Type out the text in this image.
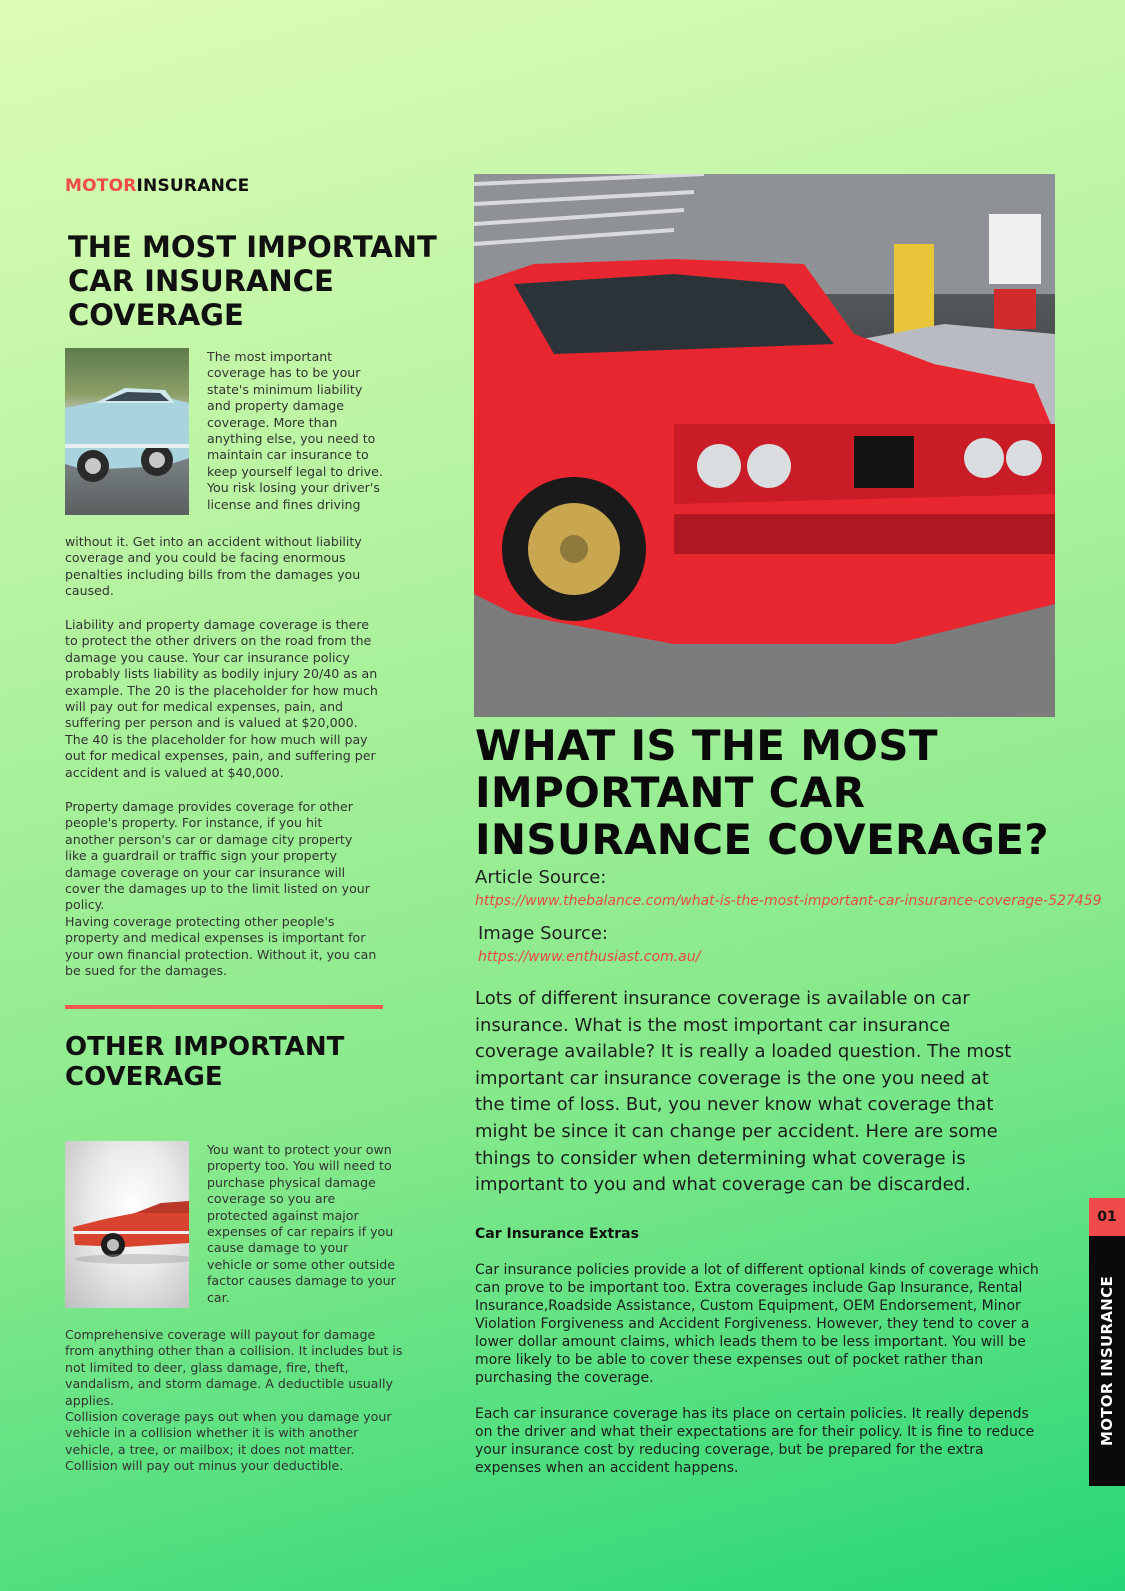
MOTORINSURANCE
THE MOST IMPORTANT CAR INSURANCE COVERAGE

The most important coverage has to be your state's minimum liability and property damage coverage. More than anything else, you need to maintain car insurance to keep yourself legal to drive. You risk losing your driver's license and fines driving

without it. Get into an accident without liability coverage and you could be facing enormous penalties including bills from the damages you caused.

Liability and property damage coverage is there to protect the other drivers on the road from the damage you cause. Your car insurance policy probably lists liability as bodily injury 20/40 as an example. The 20 is the placeholder for how much will pay out for medical expenses, pain, and suffering per person and is valued at $20,000. The 40 is the placeholder for how much will pay out for medical expenses, pain, and suffering per accident and is valued at $40,000.

Property damage provides coverage for other people's property. For instance, if you hit another person's car or damage city property like a guardrail or traffic sign your property damage coverage on your car insurance will cover the damages up to the limit listed on your policy.

Having coverage protecting other people's property and medical expenses is important for your own financial protection. Without it, you can be sued for the damages.

OTHER IMPORTANT COVERAGE

You want to protect your own property too. You will need to purchase physical damage coverage so you are protected against major expenses of car repairs if you cause damage to your vehicle or some other outside factor causes damage to your car.

Comprehensive coverage will payout for damage from anything other than a collision. It includes but is not limited to deer, glass damage, fire, theft, vandalism, and storm damage. A deductible usually applies.

Collision coverage pays out when you damage your vehicle in a collision whether it is with another vehicle, a tree, or mailbox; it does not matter. Collision will pay out minus your deductible.

WHAT IS THE MOST IMPORTANT CAR INSURANCE COVERAGE?

Article Source:

https://www.thebalance.com/what-is-the-most-important-car-insurance-coverage-527459

Image Source:

https://www.enthusiast.com.au/

Lots of different insurance coverage is available on car insurance. What is the most important car insurance coverage available? It is really a loaded question. The most important car insurance coverage is the one you need at the time of loss. But, you never know what coverage that might be since it can change per accident. Here are some things to consider when determining what coverage is important to you and what coverage can be discarded.

Car Insurance Extras

Car insurance policies provide a lot of different optional kinds of coverage which can prove to be important too. Extra coverages include Gap Insurance, Rental Insurance,Roadside Assistance, Custom Equipment, OEM Endorsement, Minor Violation Forgiveness and Accident Forgiveness. However, they tend to cover a lower dollar amount claims, which leads them to be less important. You will be more likely to be able to cover these expenses out of pocket rather than purchasing the coverage.

Each car insurance coverage has its place on certain policies. It really depends on the driver and what their expectations are for their policy. It is fine to reduce your insurance cost by reducing coverage, but be prepared for the extra expenses when an accident happens.

01
MOTOR INSURANCE
